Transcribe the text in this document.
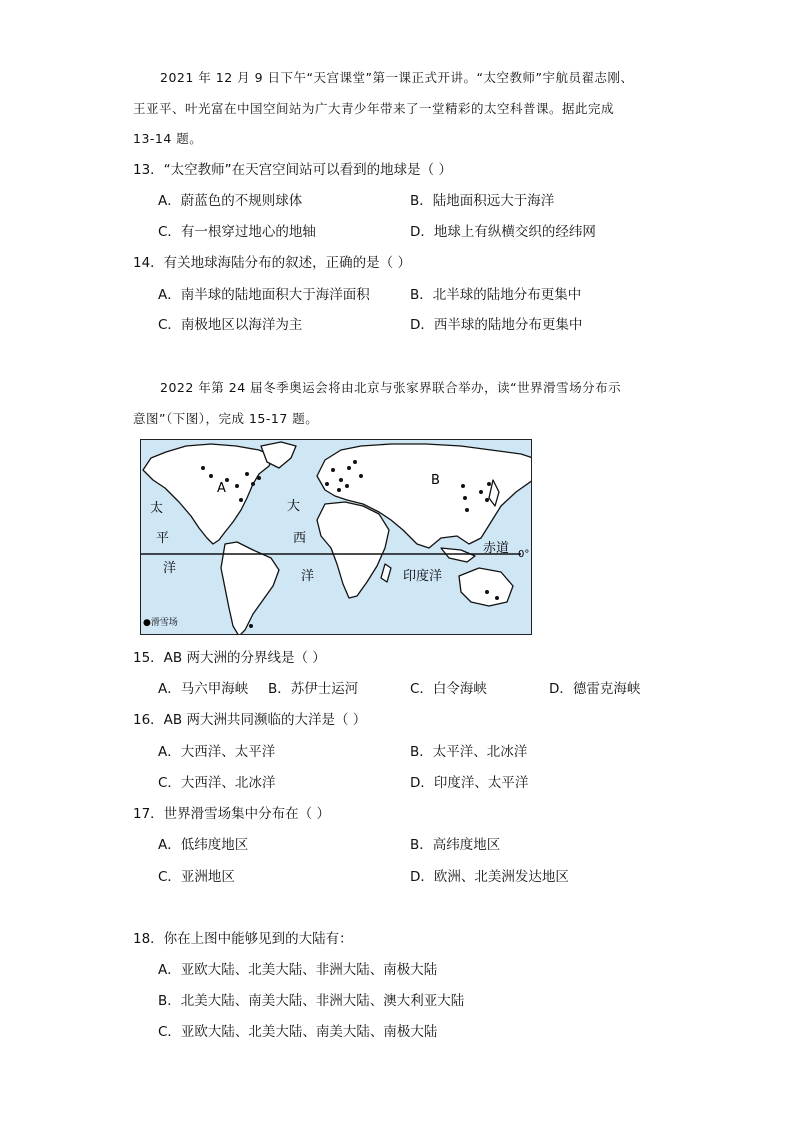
2021 年 12 月 9 日下午“天宫课堂”第一课正式开讲。“太空教师”宇航员翟志刚、
王亚平、叶光富在中国空间站为广大青少年带来了一堂精彩的太空科普课。据此完成
13-14 题。
13．“太空教师”在天宫空间站可以看到的地球是（ ）
A．蔚蓝色的不规则球体	B．陆地面积远大于海洋
C．有一根穿过地心的地轴	D．地球上有纵横交织的经纬网
14．有关地球海陆分布的叙述，正确的是（ ）
A．南半球的陆地面积大于海洋面积	B．北半球的陆地分布更集中
C．南极地区以海洋为主	D．西半球的陆地分布更集中
2022 年第 24 届冬季奥运会将由北京与张家界联合举办，读“世界滑雪场分布示
意图”（下图），完成 15-17 题。
A
B
太
平
洋
大
西
洋	印度洋
赤道 0°
●滑雪场
15．AB 两大洲的分界线是（ ）
A．马六甲海峡 B．苏伊士运河	C．白令海峡	D．德雷克海峡
16．AB 两大洲共同濒临的大洋是（ ）
A．大西洋、太平洋	B．太平洋、北冰洋
C．大西洋、北冰洋	D．印度洋、太平洋
17．世界滑雪场集中分布在（ ）
A．低纬度地区	B．高纬度地区
C．亚洲地区	D．欧洲、北美洲发达地区
18．你在上图中能够见到的大陆有：
A．亚欧大陆、北美大陆、非洲大陆、南极大陆
B．北美大陆、南美大陆、非洲大陆、澳大利亚大陆
C．亚欧大陆、北美大陆、南美大陆、南极大陆
